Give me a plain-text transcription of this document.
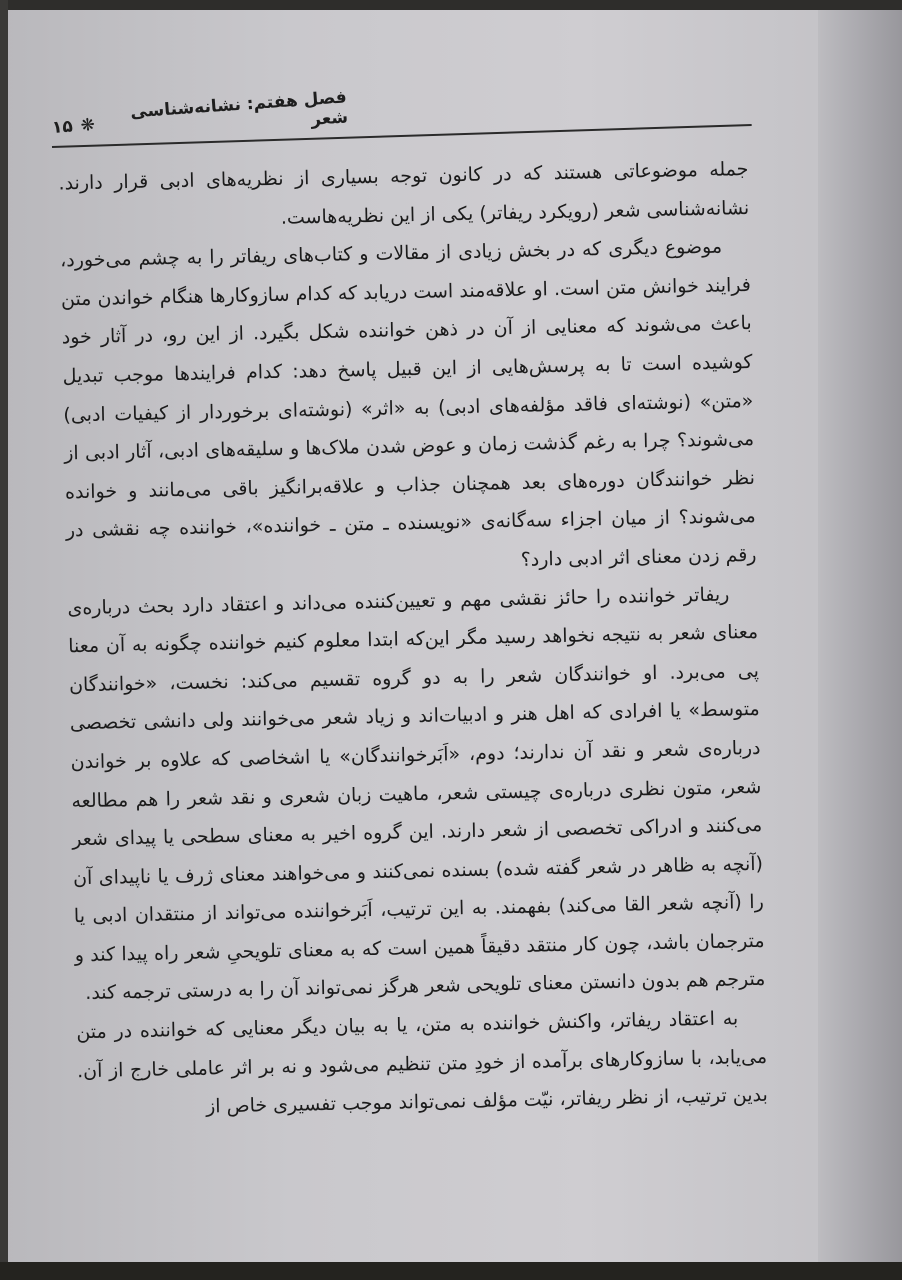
فصل هفتم: نشانه‌شناسی شعر
❋
۱۵

جمله موضوعاتی هستند که در کانون توجه بسیاری از نظریه‌های ادبی قرار دارند. نشانه‌شناسی شعر (رویکرد ریفاتر) یکی از این نظریه‌هاست.

موضوع دیگری که در بخش زیادی از مقالات و کتاب‌های ریفاتر را به چشم می‌خورد، فرایند خوانش متن است. او علاقه‌مند است دریابد که کدام سازوکارها هنگام خواندن متن باعث می‌شوند که معنایی از آن در ذهن خواننده شکل بگیرد. از این رو، در آثار خود کوشیده است تا به پرسش‌هایی از این قبیل پاسخ دهد: کدام فرایندها موجب تبدیل «متن» (نوشته‌ای فاقد مؤلفه‌های ادبی) به «اثر» (نوشته‌ای برخوردار از کیفیات ادبی) می‌شوند؟ چرا به رغم گذشت زمان و عوض شدن ملاک‌ها و سلیقه‌های ادبی، آثار ادبی از نظر خوانندگان دوره‌های بعد همچنان جذاب و علاقه‌برانگیز باقی می‌مانند و خوانده می‌شوند؟ از میان اجزاء سه‌گانه‌ی «نویسنده ـ متن ـ خواننده»، خواننده چه نقشی در رقم زدن معنای اثر ادبی دارد؟

ریفاتر خواننده را حائز نقشی مهم و تعیین‌کننده می‌داند و اعتقاد دارد بحث درباره‌ی معنای شعر به نتیجه نخواهد رسید مگر این‌که ابتدا معلوم کنیم خواننده چگونه به آن معنا پی می‌برد. او خوانندگان شعر را به دو گروه تقسیم می‌کند: نخست، «خوانندگان متوسط» یا افرادی که اهل هنر و ادبیات‌اند و زیاد شعر می‌خوانند ولی دانشی تخصصی درباره‌ی شعر و نقد آن ندارند؛ دوم، «اَبَرخوانندگان» یا اشخاصی که علاوه بر خواندن شعر، متون نظری درباره‌ی چیستی شعر، ماهیت زبان شعری و نقد شعر را هم مطالعه می‌کنند و ادراکی تخصصی از شعر دارند. این گروه اخیر به معنای سطحی یا پیدای شعر (آنچه به ظاهر در شعر گفته شده) بسنده نمی‌کنند و می‌خواهند معنای ژرف یا ناپیدای آن را (آنچه شعر القا می‌کند) بفهمند. به این ترتیب، اَبَرخواننده می‌تواند از منتقدان ادبی یا مترجمان باشد، چون کار منتقد دقیقاً همین است که به معنای تلویحیِ شعر راه پیدا کند و مترجم هم بدون دانستن معنای تلویحی شعر هرگز نمی‌تواند آن را به درستی ترجمه کند.

به اعتقاد ریفاتر، واکنش خواننده به متن، یا به بیان دیگر معنایی که خواننده در متن می‌یابد، با سازوکارهای برآمده از خودِ متن تنظیم می‌شود و نه بر اثر عاملی خارج از آن. بدین ترتیب، از نظر ریفاتر، نیّت مؤلف نمی‌تواند موجب تفسیری خاص از
